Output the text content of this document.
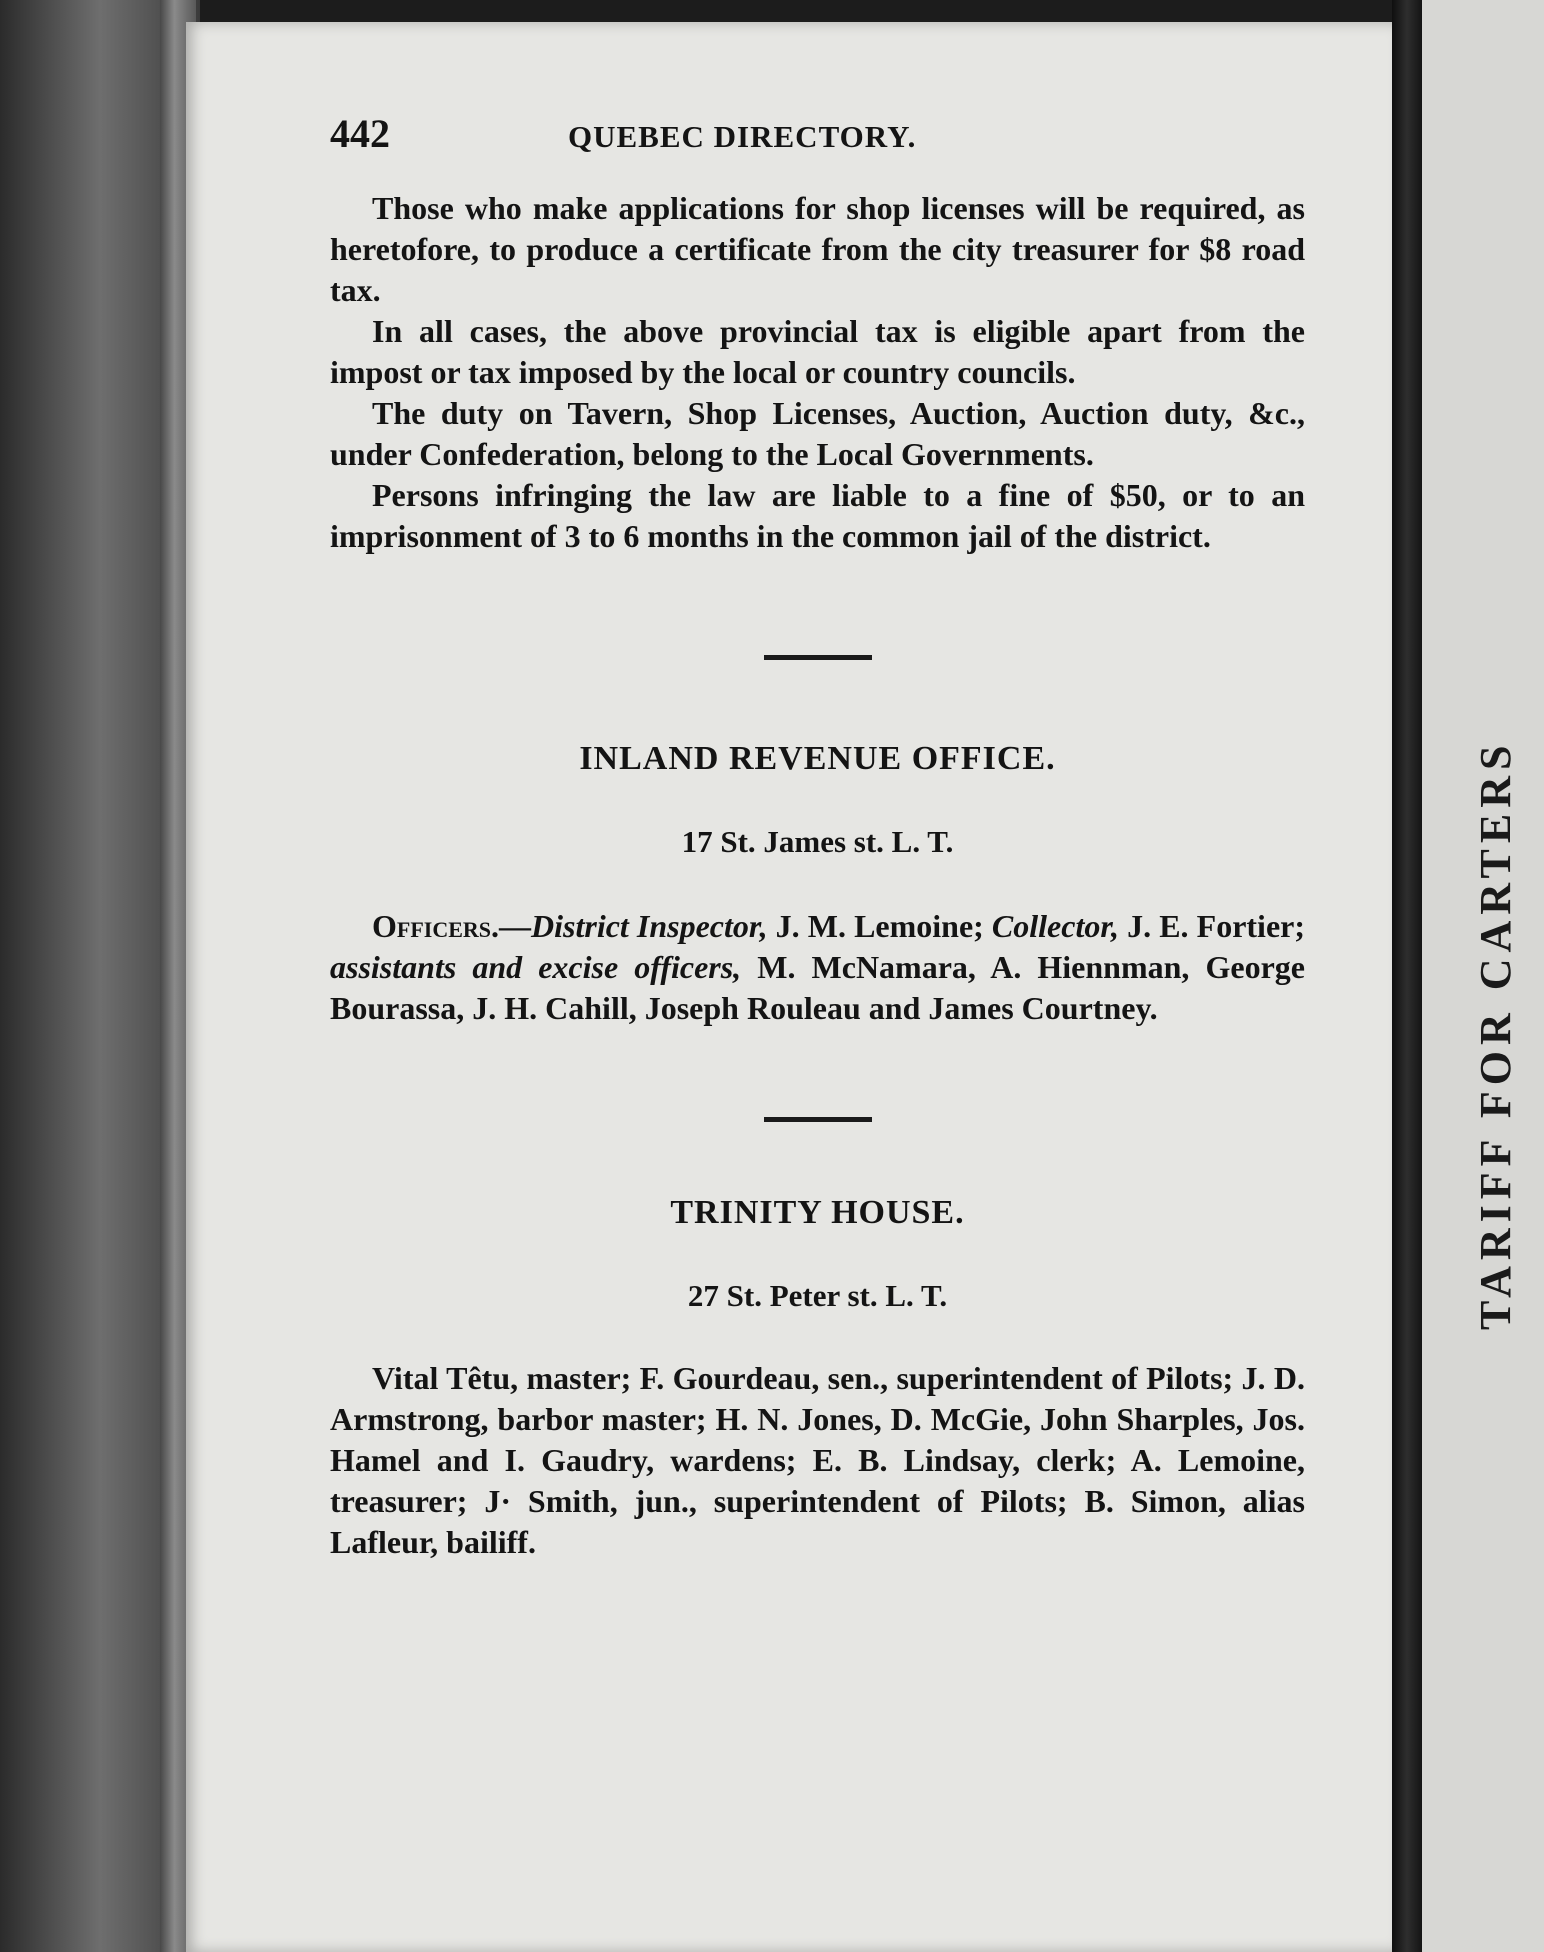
TARIFF FOR CARTERS
442	QUEBEC DIRECTORY.

Those who make applications for shop licenses will be required, as heretofore, to produce a certificate from the city treasurer for $8 road tax.

In all cases, the above provincial tax is eligible apart from the impost or tax imposed by the local or country councils.

The duty on Tavern, Shop Licenses, Auction, Auction duty, &c., under Confederation, belong to the Local Governments.

Persons infringing the law are liable to a fine of $50, or to an imprisonment of 3 to 6 months in the common jail of the district.

INLAND REVENUE OFFICE.
17 St. James st. L. T.

Officers.—District Inspector, J. M. Lemoine; Collector, J. E. Fortier; assistants and excise officers, M. McNamara, A. Hiennman, George Bourassa, J. H. Cahill, Joseph Rouleau and James Courtney.

TRINITY HOUSE.
27 St. Peter st. L. T.

Vital Têtu, master; F. Gourdeau, sen., superintendent of Pilots; J. D. Armstrong, barbor master; H. N. Jones, D. McGie, John Sharples, Jos. Hamel and I. Gaudry, wardens; E. B. Lindsay, clerk; A. Lemoine, treasurer; J· Smith, jun., superintendent of Pilots; B. Simon, alias Lafleur, bailiff.
